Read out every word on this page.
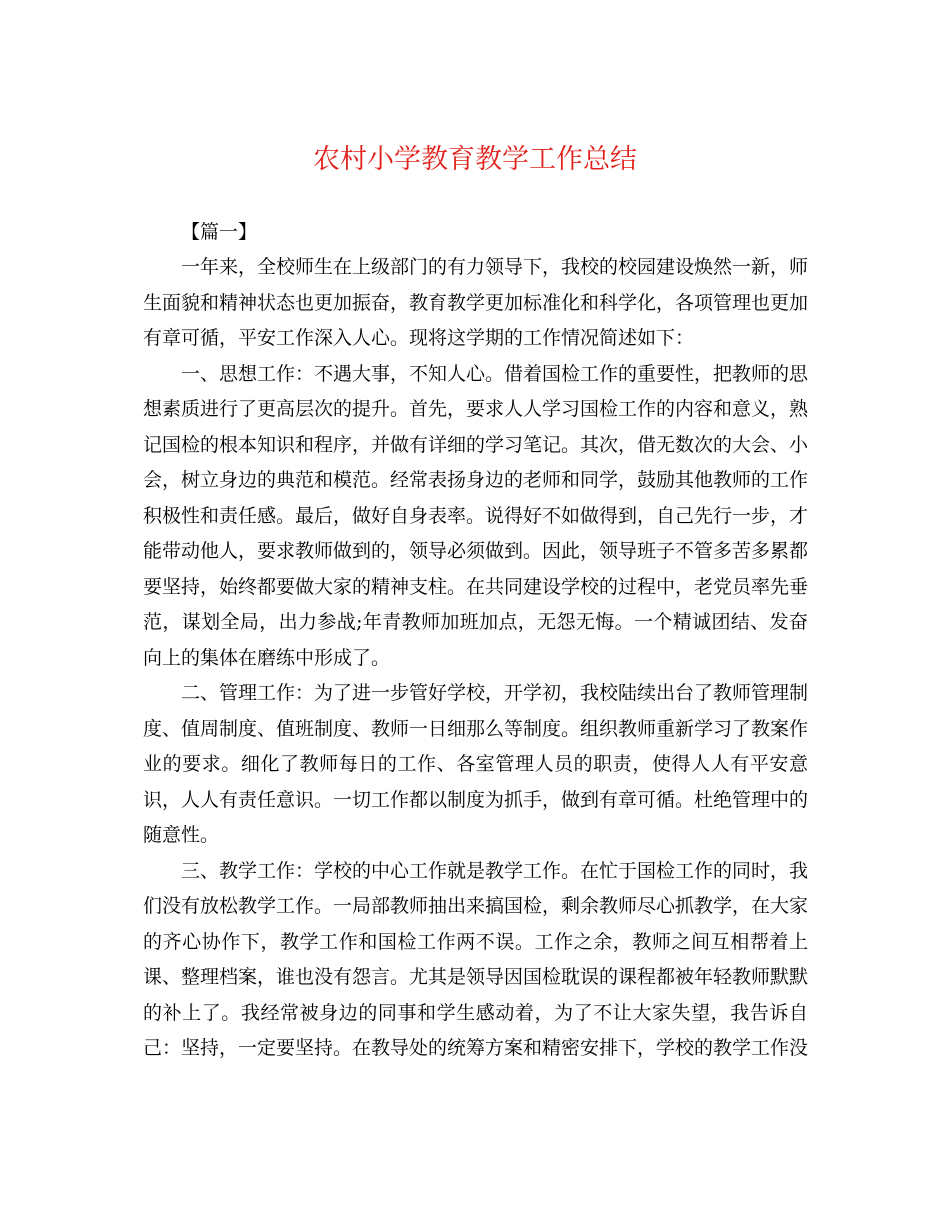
农村小学教育教学工作总结

【篇一】

一年来，全校师生在上级部门的有力领导下，我校的校园建设焕然一新，师生面貌和精神状态也更加振奋，教育教学更加标准化和科学化，各项管理也更加有章可循，平安工作深入人心。现将这学期的工作情况简述如下：

一、思想工作：不遇大事，不知人心。借着国检工作的重要性，把教师的思想素质进行了更高层次的提升。首先，要求人人学习国检工作的内容和意义，熟记国检的根本知识和程序，并做有详细的学习笔记。其次，借无数次的大会、小会，树立身边的典范和模范。经常表扬身边的老师和同学，鼓励其他教师的工作积极性和责任感。最后，做好自身表率。说得好不如做得到，自己先行一步，才能带动他人，要求教师做到的，领导必须做到。因此，领导班子不管多苦多累都要坚持，始终都要做大家的精神支柱。在共同建设学校的过程中，老党员率先垂范，谋划全局，出力参战;年青教师加班加点，无怨无悔。一个精诚团结、发奋向上的集体在磨练中形成了。

二、管理工作：为了进一步管好学校，开学初，我校陆续出台了教师管理制度、值周制度、值班制度、教师一日细那么等制度。组织教师重新学习了教案作业的要求。细化了教师每日的工作、各室管理人员的职责，使得人人有平安意识，人人有责任意识。一切工作都以制度为抓手，做到有章可循。杜绝管理中的随意性。

三、教学工作：学校的中心工作就是教学工作。在忙于国检工作的同时，我们没有放松教学工作。一局部教师抽出来搞国检，剩余教师尽心抓教学，在大家的齐心协作下，教学工作和国检工作两不误。工作之余，教师之间互相帮着上课、整理档案，谁也没有怨言。尤其是领导因国检耽误的课程都被年轻教师默默的补上了。我经常被身边的同事和学生感动着，为了不让大家失望，我告诉自己：坚持，一定要坚持。在教导处的统筹方案和精密安排下，学校的教学工作没
